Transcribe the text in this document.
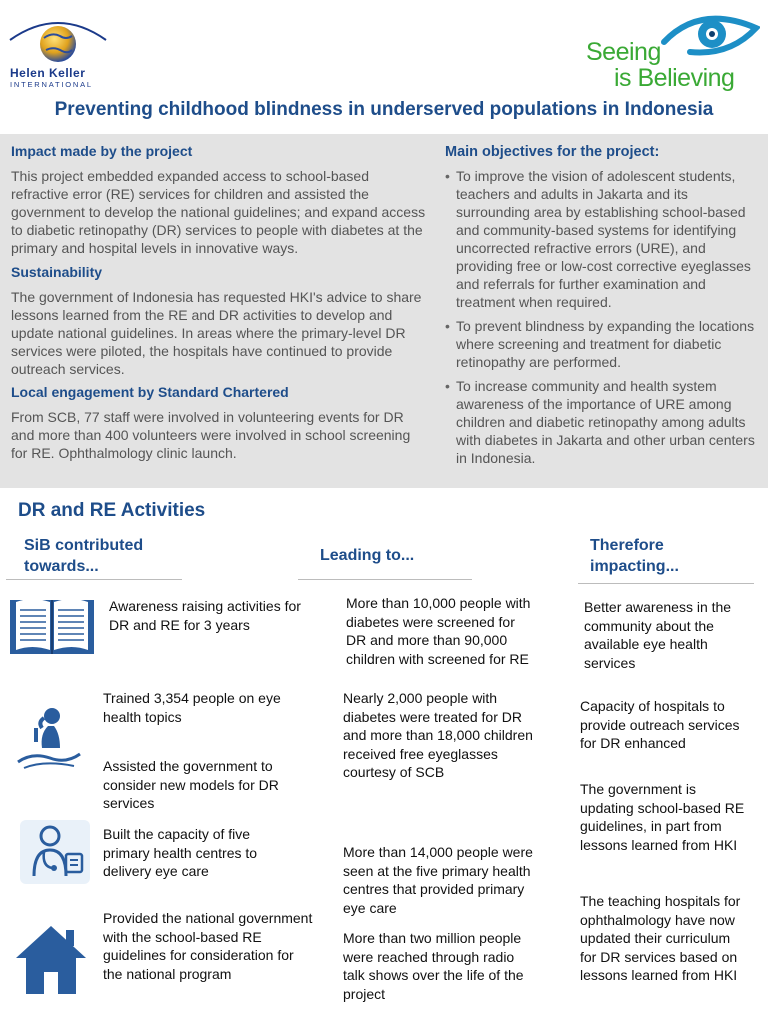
Helen Keller
INTERNATIONAL
Seeing
is Believing
Preventing childhood blindness in underserved populations in Indonesia
Impact made by the project
This project embedded expanded access to school-based refractive error (RE) services for children and assisted the government to develop the national guidelines; and expand access to diabetic retinopathy (DR) services to people with diabetes at the primary and hospital levels in innovative ways.
Sustainability
The government of Indonesia has requested HKI's advice to share lessons learned from the RE and DR activities to develop and update national guidelines. In areas where the primary-level DR services were piloted, the hospitals have continued to provide outreach services.
Local engagement by Standard Chartered
From SCB, 77 staff were involved in volunteering events for DR and more than 400 volunteers were involved in school screening for RE. Ophthalmology clinic launch.
Main objectives for the project:
• To improve the vision of adolescent students, teachers and adults in Jakarta and its surrounding area by establishing school-based and community-based systems for identifying uncorrected refractive errors (URE), and providing free or low-cost corrective eyeglasses and referrals for further examination and treatment when required.
• To prevent blindness by expanding the locations where screening and treatment for diabetic retinopathy are performed.
• To increase community and health system awareness of the importance of URE among children and diabetic retinopathy among adults with diabetes in Jakarta and other urban centers in Indonesia.
DR and RE Activities
SiB contributed towards...
Leading to...
Therefore impacting...
Awareness raising activities for DR and RE for 3 years
Trained 3,354 people on eye health topics
Assisted the government to consider new models for DR services
Built the capacity of five primary health centres to delivery eye care
Provided the national government with the school-based RE guidelines for consideration for the national program
More than 10,000 people with diabetes were screened for DR and more than 90,000 children with screened for RE
Nearly 2,000 people with diabetes were treated for DR and more than 18,000 children received free eyeglasses courtesy of SCB
More than 14,000 people were seen at the five primary health centres that provided primary eye care
More than two million people were reached through radio talk shows over the life of the project
Better awareness in the community about the available eye health services
Capacity of hospitals to provide outreach services for DR enhanced
The government is updating school-based RE guidelines, in part from lessons learned from HKI
The teaching hospitals for ophthalmology have now updated their curriculum for DR services based on lessons learned from HKI
